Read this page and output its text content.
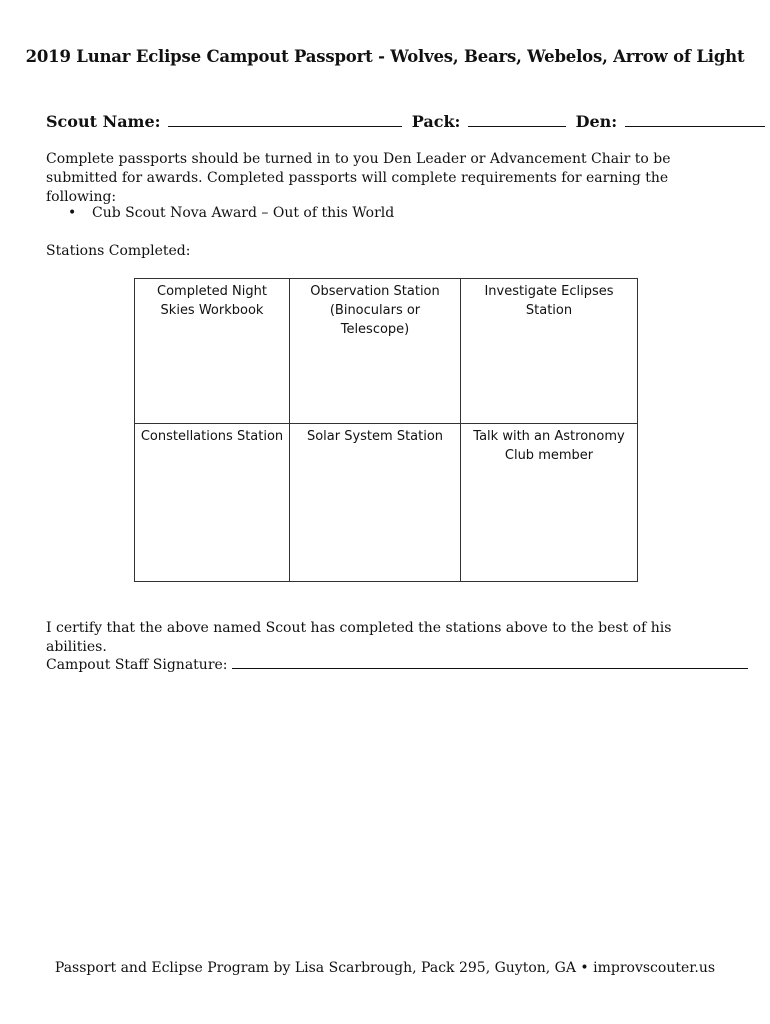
2019 Lunar Eclipse Campout Passport - Wolves, Bears, Webelos, Arrow of Light
Scout Name:	Pack:	Den:
Complete passports should be turned in to you Den Leader or Advancement Chair to be submitted for awards. Completed passports will complete requirements for earning the following:
• Cub Scout Nova Award – Out of this World
Stations Completed:
Completed Night Skies Workbook	Observation Station (Binoculars or Telescope)	Investigate Eclipses Station
Constellations Station	Solar System Station	Talk with an Astronomy Club member
I certify that the above named Scout has completed the stations above to the best of his abilities.
Campout Staff Signature:
Passport and Eclipse Program by Lisa Scarbrough, Pack 295, Guyton, GA • improvscouter.us
